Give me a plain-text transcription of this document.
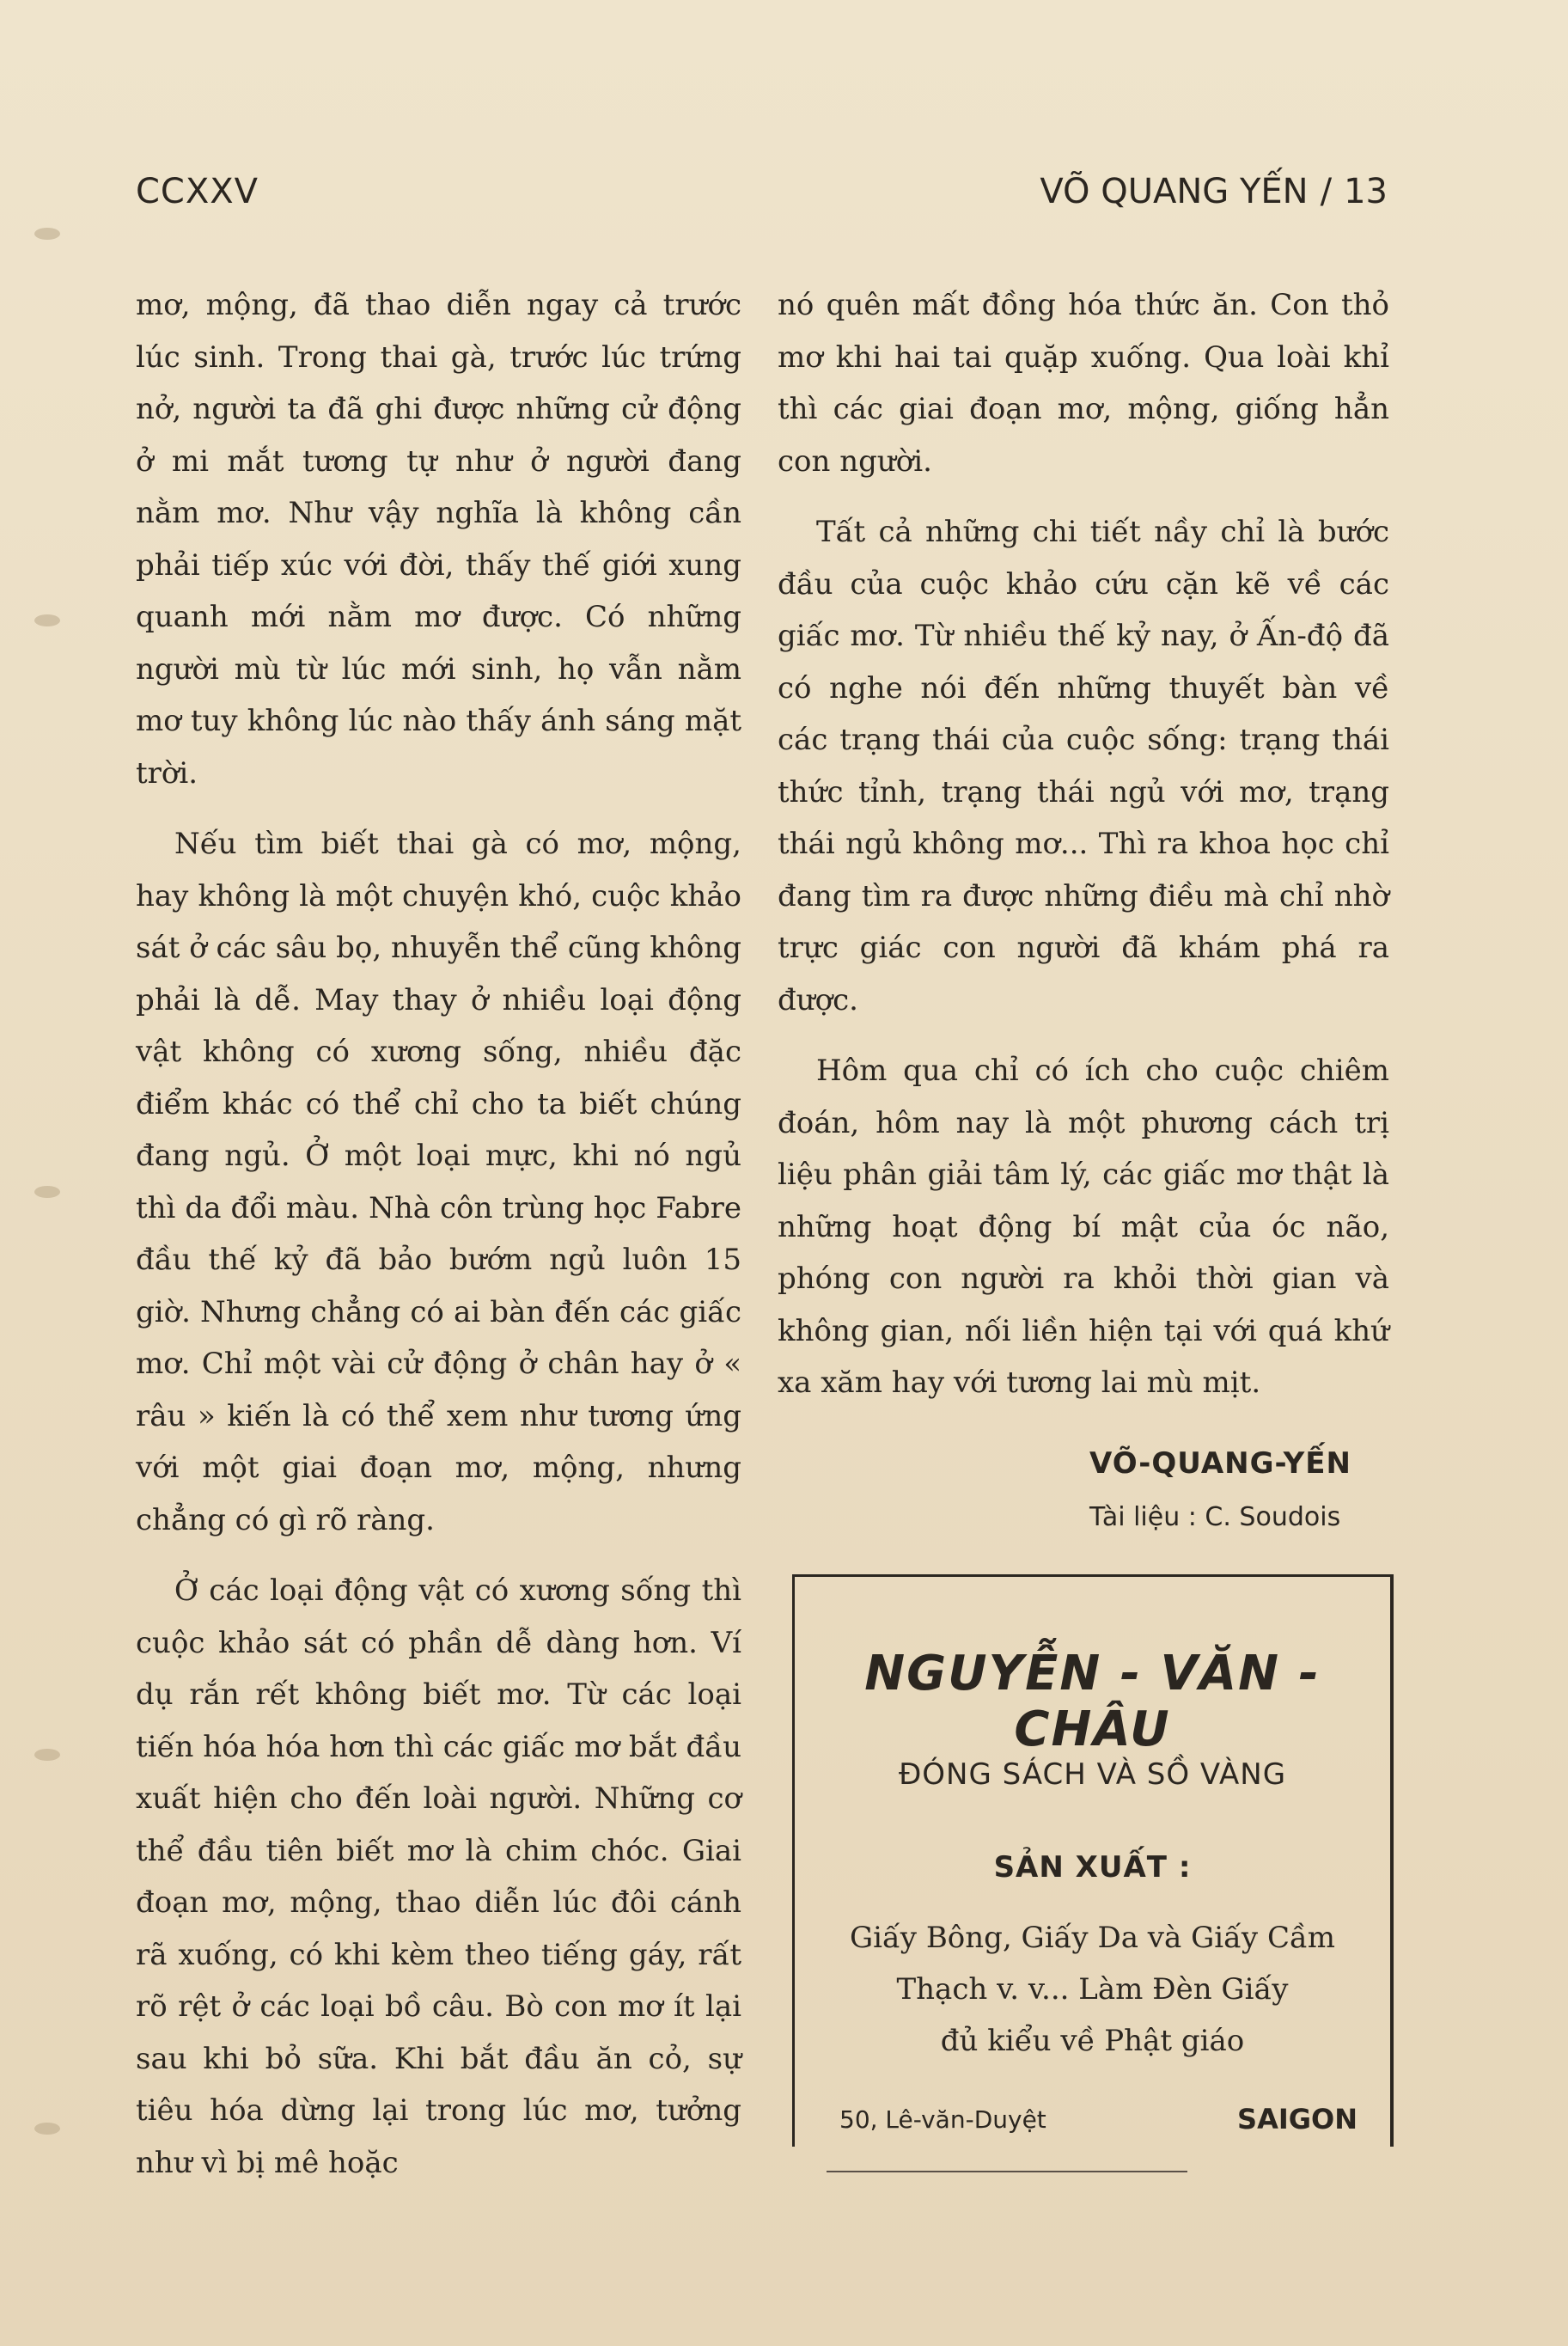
CCXXV	VÕ QUANG YẾN / 13

mơ, mộng, đã thao diễn ngay cả trước lúc sinh. Trong thai gà, trước lúc trứng nở, người ta đã ghi được những cử động ở mi mắt tương tự như ở người đang nằm mơ. Như vậy nghĩa là không cần phải tiếp xúc với đời, thấy thế giới xung quanh mới nằm mơ được. Có những người mù từ lúc mới sinh, họ vẫn nằm mơ tuy không lúc nào thấy ánh sáng mặt trời.

Nếu tìm biết thai gà có mơ, mộng, hay không là một chuyện khó, cuộc khảo sát ở các sâu bọ, nhuyễn thể cũng không phải là dễ. May thay ở nhiều loại động vật không có xương sống, nhiều đặc điểm khác có thể chỉ cho ta biết chúng đang ngủ. Ở một loại mực, khi nó ngủ thì da đổi màu. Nhà côn trùng học Fabre đầu thế kỷ đã bảo bướm ngủ luôn 15 giờ. Nhưng chẳng có ai bàn đến các giấc mơ. Chỉ một vài cử động ở chân hay ở « râu » kiến là có thể xem như tương ứng với một giai đoạn mơ, mộng, nhưng chẳng có gì rõ ràng.

Ở các loại động vật có xương sống thì cuộc khảo sát có phần dễ dàng hơn. Ví dụ rắn rết không biết mơ. Từ các loại tiến hóa hóa hơn thì các giấc mơ bắt đầu xuất hiện cho đến loài người. Những cơ thể đầu tiên biết mơ là chim chóc. Giai đoạn mơ, mộng, thao diễn lúc đôi cánh rã xuống, có khi kèm theo tiếng gáy, rất rõ rệt ở các loại bồ câu. Bò con mơ ít lại sau khi bỏ sữa. Khi bắt đầu ăn cỏ, sự tiêu hóa dừng lại trong lúc mơ, tưởng như vì bị mê hoặc

nó quên mất đồng hóa thức ăn. Con thỏ mơ khi hai tai quặp xuống. Qua loài khỉ thì các giai đoạn mơ, mộng, giống hẳn con người.

Tất cả những chi tiết nầy chỉ là bước đầu của cuộc khảo cứu cặn kẽ về các giấc mơ. Từ nhiều thế kỷ nay, ở Ấn-độ đã có nghe nói đến những thuyết bàn về các trạng thái của cuộc sống: trạng thái thức tỉnh, trạng thái ngủ với mơ, trạng thái ngủ không mơ... Thì ra khoa học chỉ đang tìm ra được những điều mà chỉ nhờ trực giác con người đã khám phá ra được.

Hôm qua chỉ có ích cho cuộc chiêm đoán, hôm nay là một phương cách trị liệu phân giải tâm lý, các giấc mơ thật là những hoạt động bí mật của óc não, phóng con người ra khỏi thời gian và không gian, nối liền hiện tại với quá khứ xa xăm hay với tương lai mù mịt.

VÕ-QUANG-YẾN
Tài liệu : C. Soudois
NGUYỄN - VĂN - CHÂU
ĐÓNG SÁCH VÀ SỒ VÀNG
SẢN XUẤT :
Giấy Bông, Giấy Da và Giấy Cầm
Thạch v. v... Làm Đèn Giấy
đủ kiểu về Phật giáo
50, Lê-văn-Duyệt	SAIGON
